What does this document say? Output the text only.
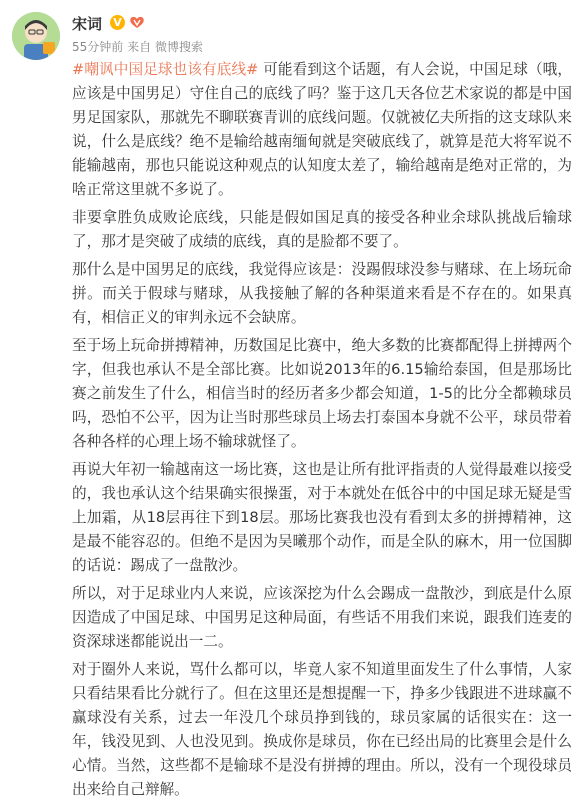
宋词 V
55分钟前 来自 微博搜索

#嘲讽中国足球也该有底线# 可能看到这个话题，有人会说，中国足球（哦，应该是中国男足）守住自己的底线了吗？鉴于这几天各位艺术家说的都是中国男足国家队，那就先不聊联赛青训的底线问题。仅就被亿夫所指的这支球队来说，什么是底线？绝不是输给越南缅甸就是突破底线了，就算是范大将军说不能输越南，那也只能说这种观点的认知度太差了，输给越南是绝对正常的，为啥正常这里就不多说了。

非要拿胜负成败论底线，只能是假如国足真的接受各种业余球队挑战后输球了，那才是突破了成绩的底线，真的是脸都不要了。

那什么是中国男足的底线，我觉得应该是：没踢假球没参与赌球、在上场玩命拼。而关于假球与赌球，从我接触了解的各种渠道来看是不存在的。如果真有，相信正义的审判永远不会缺席。

至于场上玩命拼搏精神，历数国足比赛中，绝大多数的比赛都配得上拼搏两个字，但我也承认不是全部比赛。比如说2013年的6.15输给泰国，但是那场比赛之前发生了什么，相信当时的经历者多少都会知道，1-5的比分全都赖球员吗，恐怕不公平，因为让当时那些球员上场去打泰国本身就不公平，球员带着各种各样的心理上场不输球就怪了。

再说大年初一输越南这一场比赛，这也是让所有批评指责的人觉得最难以接受的，我也承认这个结果确实很操蛋，对于本就处在低谷中的中国足球无疑是雪上加霜，从18层再往下到18层。那场比赛我也没有看到太多的拼搏精神，这是最不能容忍的。但绝不是因为吴曦那个动作，而是全队的麻木，用一位国脚的话说：踢成了一盘散沙。

所以，对于足球业内人来说，应该深挖为什么会踢成一盘散沙，到底是什么原因造成了中国足球、中国男足这种局面，有些话不用我们来说，跟我们连麦的资深球迷都能说出一二。

对于圈外人来说，骂什么都可以，毕竟人家不知道里面发生了什么事情，人家只看结果看比分就行了。但在这里还是想提醒一下，挣多少钱跟进不进球赢不赢球没有关系，过去一年没几个球员挣到钱的，球员家属的话很实在：这一年，钱没见到、人也没见到。换成你是球员，你在已经出局的比赛里会是什么心情。当然，这些都不是输球不是没有拼搏的理由。所以，没有一个现役球员出来给自己辩解。
